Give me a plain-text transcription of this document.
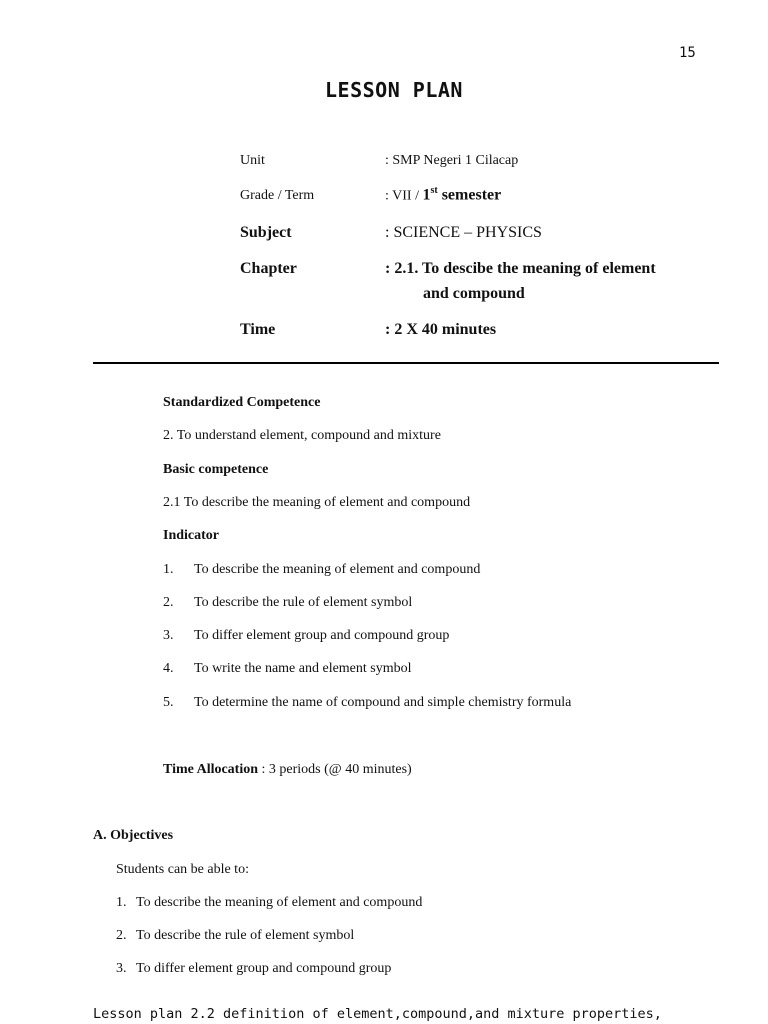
15
LESSON PLAN
Unit	: SMP Negeri 1 Cilacap
Grade / Term	: VII / 1st semester
Subject	: SCIENCE – PHYSICS
Chapter	: 2.1. To descibe the meaning of element
and compound
Time	: 2 X 40 minutes
Standardized Competence
2. To understand element, compound and mixture
Basic competence
2.1 To describe the meaning of element and compound
Indicator
1. To describe the meaning of element and compound
2. To describe the rule of element symbol
3. To differ element group and compound group
4. To write the name and element symbol
5. To determine the name of compound and simple chemistry formula
Time Allocation : 3 periods (@ 40 minutes)
A. Objectives
Students can be able to:
1. To describe the meaning of element and compound
2. To describe the rule of element symbol
3. To differ element group and compound group
Lesson plan 2.2 definition of element,compound,and mixture properties,
